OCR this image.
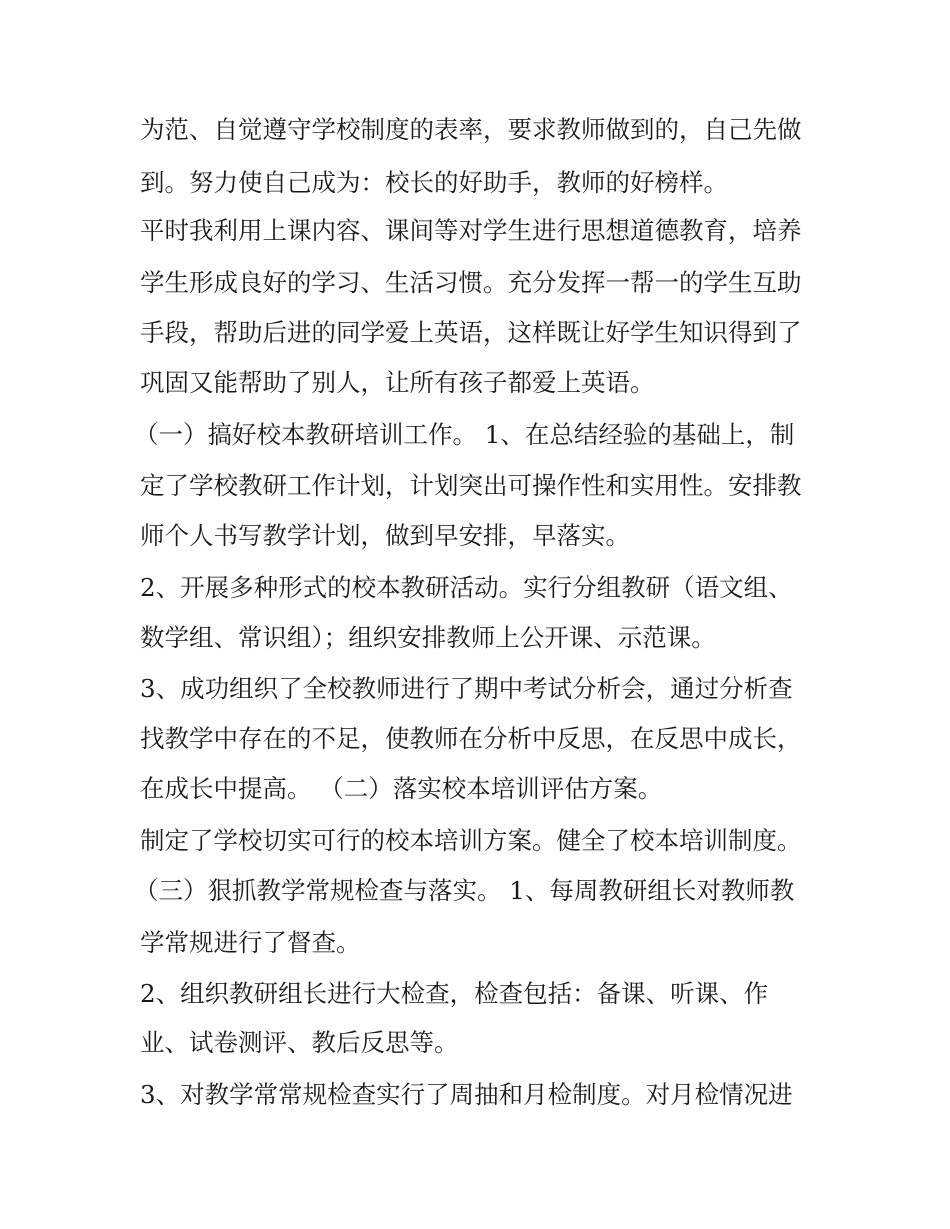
为范、自觉遵守学校制度的表率，要求教师做到的，自己先做
到。努力使自己成为：校长的好助手，教师的好榜样。
平时我利用上课内容、课间等对学生进行思想道德教育，培养
学生形成良好的学习、生活习惯。充分发挥一帮一的学生互助
手段，帮助后进的同学爱上英语，这样既让好学生知识得到了
巩固又能帮助了别人，让所有孩子都爱上英语。
（一）搞好校本教研培训工作。 1、在总结经验的基础上，制
定了学校教研工作计划，计划突出可操作性和实用性。安排教
师个人书写教学计划，做到早安排，早落实。
2、开展多种形式的校本教研活动。实行分组教研（语文组、
数学组、常识组）；组织安排教师上公开课、示范课。
3、成功组织了全校教师进行了期中考试分析会，通过分析查
找教学中存在的不足，使教师在分析中反思，在反思中成长，
在成长中提高。 （二）落实校本培训评估方案。
制定了学校切实可行的校本培训方案。健全了校本培训制度。
（三）狠抓教学常规检查与落实。 1、每周教研组长对教师教
学常规进行了督查。
2、组织教研组长进行大检查，检查包括：备课、听课、作
业、试卷测评、教后反思等。
3、对教学常常规检查实行了周抽和月检制度。对月检情况进
